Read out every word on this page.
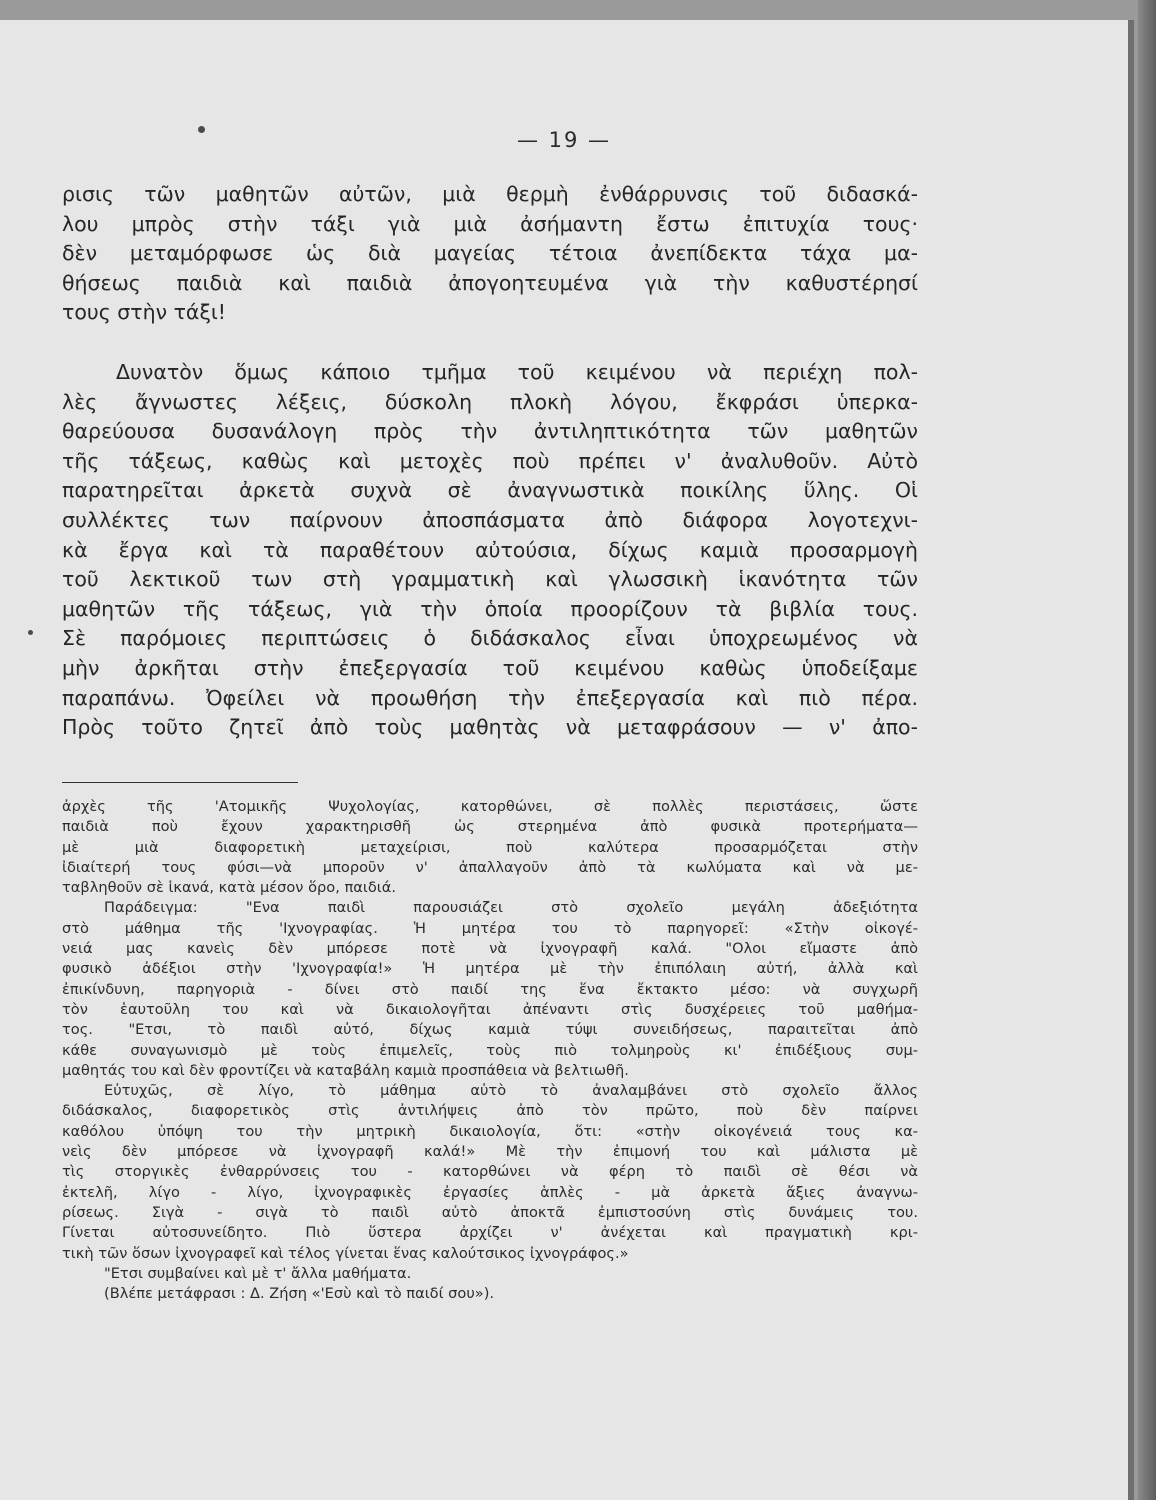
— 19 —
ρισις τῶν μαθητῶν αὐτῶν, μιὰ θερμὴ ἐνθάρρυνσις τοῦ διδασκά-
λου μπρὸς στὴν τάξι γιὰ μιὰ ἀσήμαντη ἔστω ἐπιτυχία τους·
δὲν μεταμόρφωσε ὡς διὰ μαγείας τέτοια ἀνεπίδεκτα τάχα μα-
θήσεως παιδιὰ καὶ παιδιὰ ἀπογοητευμένα γιὰ τὴν καθυστέρησί
τους στὴν τάξι!
Δυνατὸν ὅμως κάποιο τμῆμα τοῦ κειμένου νὰ περιέχη πολ-
λὲς ἄγνωστες λέξεις, δύσκολη πλοκὴ λόγου, ἔκφράσι ὑπερκα-
θαρεύουσα δυσανάλογη πρὸς τὴν ἀντιληπτικότητα τῶν μαθητῶν
τῆς τάξεως, καθὼς καὶ μετοχὲς ποὺ πρέπει ν' ἀναλυθοῦν. Αὐτὸ
παρατηρεῖται ἀρκετὰ συχνὰ σὲ ἀναγνωστικὰ ποικίλης ὕλης. Οἱ
συλλέκτες των παίρνουν ἀποσπάσματα ἀπὸ διάφορα λογοτεχνι-
κὰ ἔργα καὶ τὰ παραθέτουν αὐτούσια, δίχως καμιὰ προσαρμογὴ
τοῦ λεκτικοῦ των στὴ γραμματικὴ καὶ γλωσσικὴ ἱκανότητα τῶν
μαθητῶν τῆς τάξεως, γιὰ τὴν ὁποία προορίζουν τὰ βιβλία τους.
Σὲ παρόμοιες περιπτώσεις ὁ διδάσκαλος εἶναι ὑποχρεωμένος νὰ
μὴν ἀρκῆται στὴν ἐπεξεργασία τοῦ κειμένου καθὼς ὑποδείξαμε
παραπάνω. Ὀφείλει νὰ προωθήση τὴν ἐπεξεργασία καὶ πιὸ πέρα.
Πρὸς τοῦτο ζητεῖ ἀπὸ τοὺς μαθητὰς νὰ μεταφράσουν — ν' ἀπο-
ἀρχὲς τῆς 'Ατομικῆς Ψυχολογίας, κατορθώνει, σὲ πολλὲς περιστάσεις, ὥστε
παιδιὰ ποὺ ἔχουν χαρακτηρισθῆ ὡς στερημένα ἀπὸ φυσικὰ προτερήματα—
μὲ μιὰ διαφορετικὴ μεταχείρισι, ποὺ καλύτερα προσαρμόζεται στὴν
ἰδιαίτερή τους φύσι—νὰ μποροῦν ν' ἀπαλλαγοῦν ἀπὸ τὰ κωλύματα καὶ νὰ με-
ταβληθοῦν σὲ ἱκανά, κατὰ μέσον ὅρο, παιδιά.
Παράδειγμα: "Ενα παιδὶ παρουσιάζει στὸ σχολεῖο μεγάλη ἀδεξιότητα
στὸ μάθημα τῆς 'Ιχνογραφίας. Ἡ μητέρα του τὸ παρηγορεῖ: «Στὴν οἰκογέ-
νειά μας κανεὶς δὲν μπόρεσε ποτὲ νὰ ἰχνογραφῆ καλά. "Ολοι εἴμαστε ἀπὸ
φυσικὸ ἀδέξιοι στὴν 'Ιχνογραφία!» Ἡ μητέρα μὲ τὴν ἐπιπόλαιη αὐτή, ἀλλὰ καὶ
ἐπικίνδυνη, παρηγοριὰ - δίνει στὸ παιδί της ἕνα ἔκτακτο μέσο: νὰ συγχωρῆ
τὸν ἑαυτοῦλη του καὶ νὰ δικαιολογῆται ἀπέναντι στὶς δυσχέρειες τοῦ μαθήμα-
τος. "Ετσι, τὸ παιδὶ αὐτό, δίχως καμιὰ τύψι συνειδήσεως, παραιτεῖται ἀπὸ
κάθε συναγωνισμὸ μὲ τοὺς ἐπιμελεῖς, τοὺς πιὸ τολμηροὺς κι' ἐπιδέξιους συμ-
μαθητάς του καὶ δὲν φροντίζει νὰ καταβάλη καμιὰ προσπάθεια νὰ βελτιωθῆ.
Εὐτυχῶς, σὲ λίγο, τὸ μάθημα αὐτὸ τὸ ἀναλαμβάνει στὸ σχολεῖο ἄλλος
διδάσκαλος, διαφορετικὸς στὶς ἀντιλήψεις ἀπὸ τὸν πρῶτο, ποὺ δὲν παίρνει
καθόλου ὑπόψη του τὴν μητρικὴ δικαιολογία, ὅτι: «στὴν οἰκογένειά τους κα-
νεὶς δὲν μπόρεσε νὰ ἰχνογραφῆ καλά!» Μὲ τὴν ἐπιμονή του καὶ μάλιστα μὲ
τὶς στοργικὲς ἐνθαρρύνσεις του - κατορθώνει νὰ φέρη τὸ παιδὶ σὲ θέσι νὰ
ἐκτελῆ, λίγο - λίγο, ἰχνογραφικὲς ἐργασίες ἁπλὲς - μὰ ἀρκετὰ ἄξιες ἀναγνω-
ρίσεως. Σιγὰ - σιγὰ τὸ παιδὶ αὐτὸ ἀποκτᾶ ἐμπιστοσύνη στὶς δυνάμεις του.
Γίνεται αὐτοσυνείδητο. Πιὸ ὕστερα ἀρχίζει ν' ἀνέχεται καὶ πραγματικὴ κρι-
τικὴ τῶν ὅσων ἰχνογραφεῖ καὶ τέλος γίνεται ἕνας καλούτσικος ἰχνογράφος.»
"Ετσι συμβαίνει καὶ μὲ τ' ἄλλα μαθήματα.
(Βλέπε μετάφρασι : Δ. Ζήση «'Εσὺ καὶ τὸ παιδί σου»).
